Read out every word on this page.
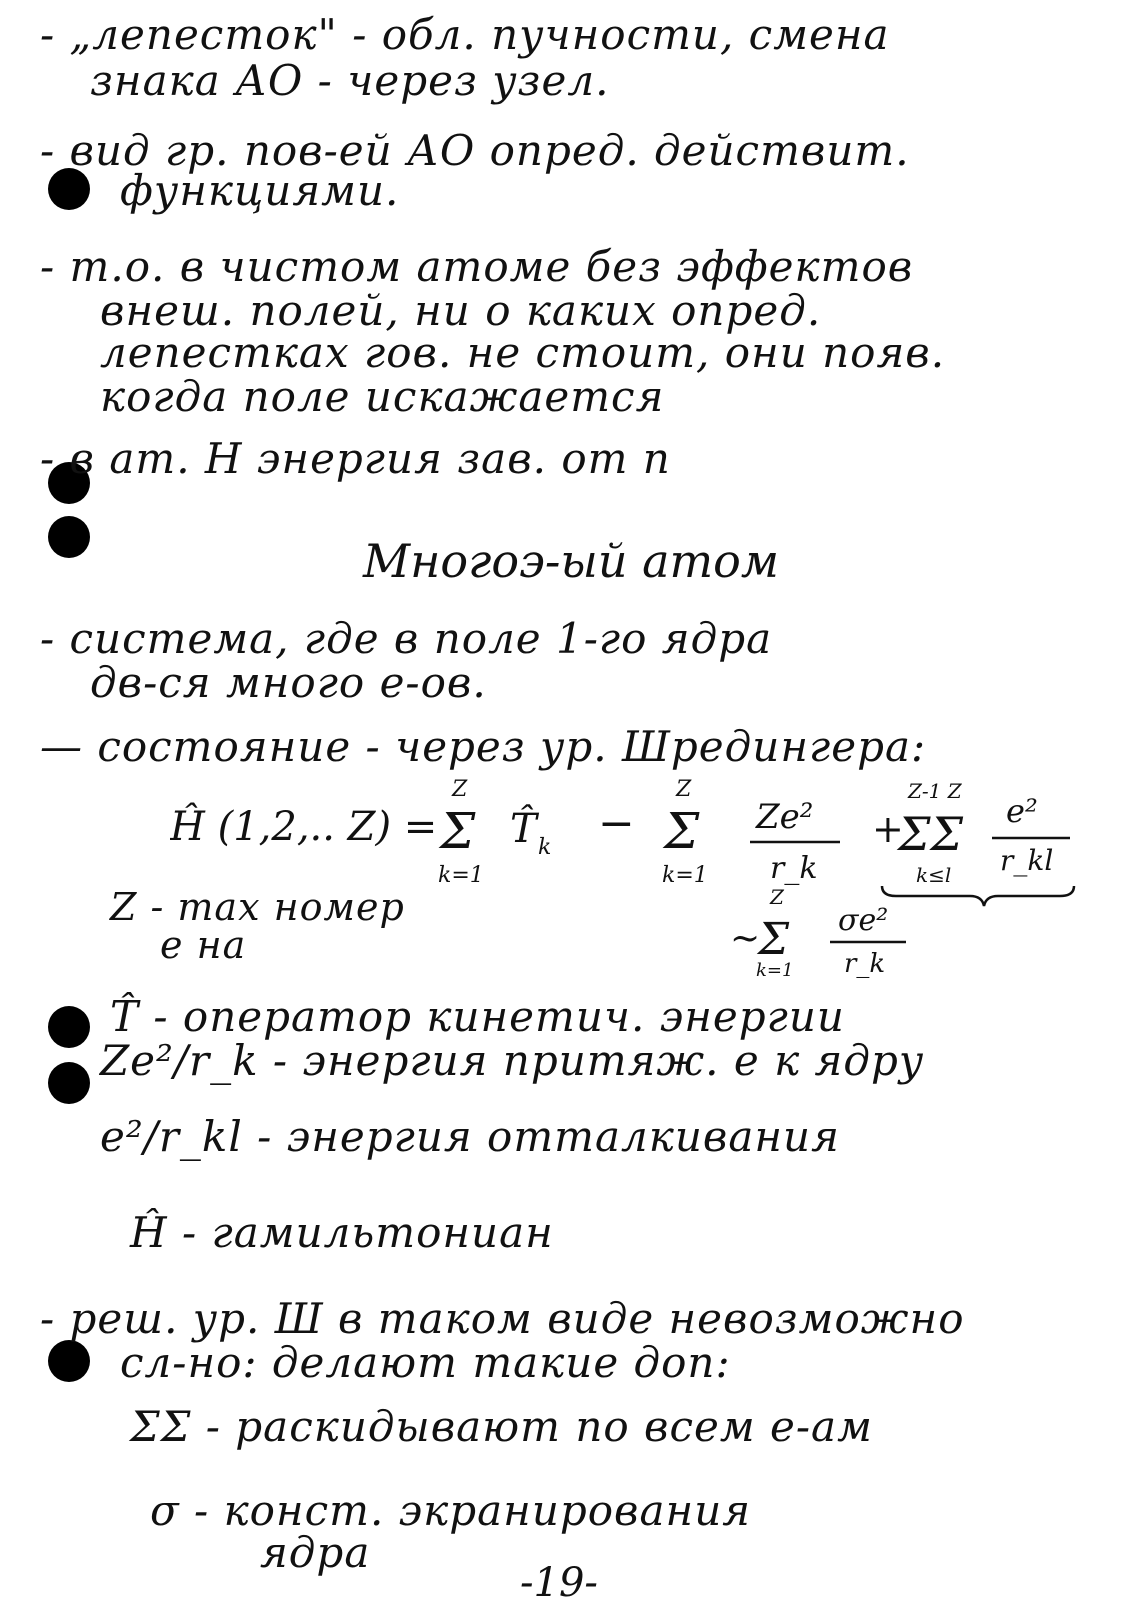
- „лепесток" - обл. пучности, смена
знака АО - через узел.
- вид гр. пов-ей АО опред. действит.
функциями.
- т.о. в чистом атоме без эффектов
внеш. полей, ни о каких опред.
лепестках гов. не стоит, они появ.
когда поле искажается
- в ат. Н энергия зав. от n
Многоэ-ый атом
- система, где в поле 1-го ядра
дв-ся много е-ов.
— состояние - через ур. Шредингера:
Ĥ (1,2,.. Z) =
Z
Σ
k=1
T̂ k −
Z
Σ
k=1
Ze²
r_k
+
Z-1 Z
ΣΣ
k≤l
e²
r_kl
~
Z
Σ
k=1
σe²
r_k
Z - max номер
е на
T̂ - оператор кинетич. энергии
Ze²/r_k - энергия притяж. е к ядру
e²/r_kl - энергия отталкивания
Ĥ - гамильтониан
- реш. ур. Ш в таком виде невозможно
сл-но: делают такие доп:
ΣΣ - раскидывают по всем е-ам
σ - конст. экранирования
ядра
-19-
